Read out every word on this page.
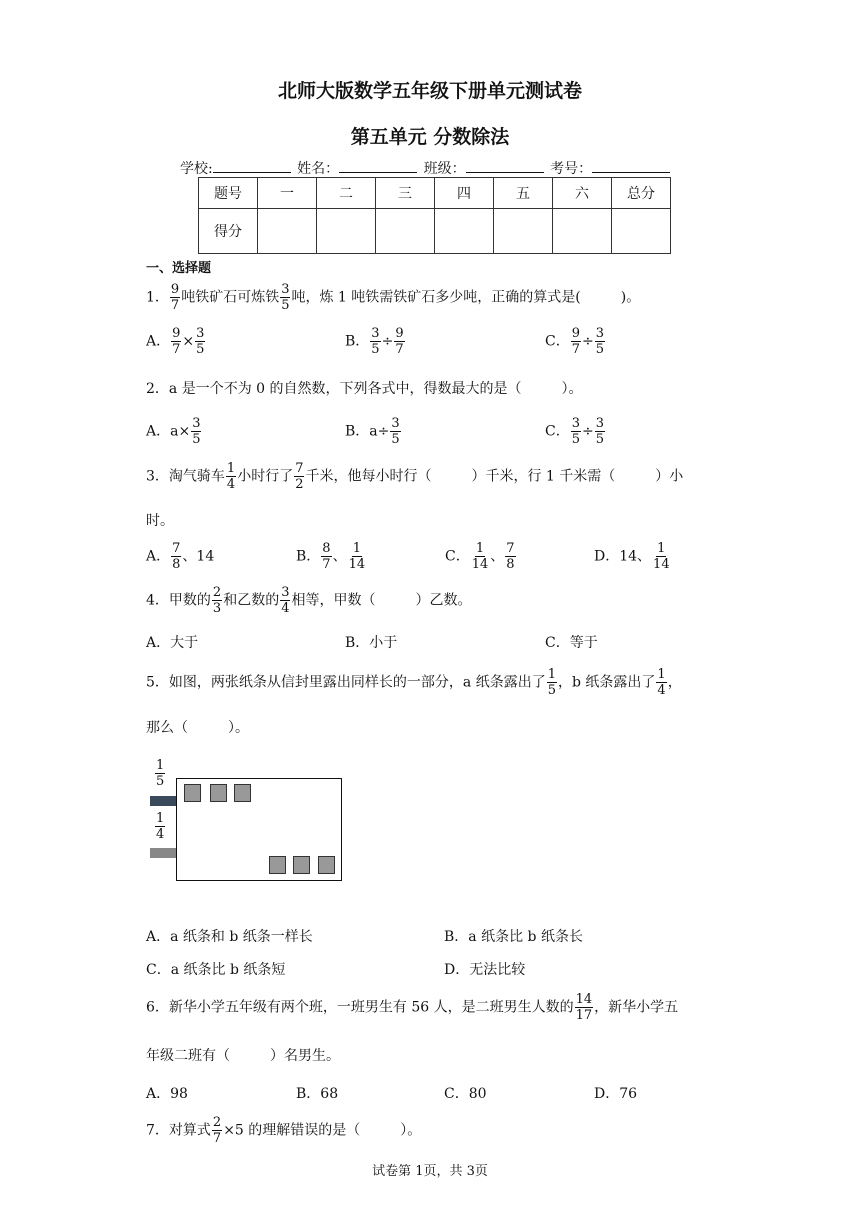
北师大版数学五年级下册单元测试卷
第五单元 分数除法
学校:	姓名：	班级：	考号：
题号	一	二	三	四	五	六	总分
得分							
一、选择题
1． $\frac{9}{7}$ 吨铁矿石可炼铁 $\frac{3}{5}$ 吨，炼 1 吨铁需铁矿石多少吨，正确的算式是(	)。
A． $\frac{9}{7} \times \frac{3}{5}$	B． $\frac{3}{5} \div \frac{9}{7}$	C． $\frac{9}{7} \div \frac{3}{5}$
2．a 是一个不为 0 的自然数，下列各式中，得数最大的是（	）。
A．$a\times \frac{3}{5}$	B．$a\div \frac{3}{5}$	C． $\frac{3}{5} \div \frac{3}{5}$
3．淘气骑车 $\frac{1}{4}$ 小时行了 $\frac{7}{2}$ 千米，他每小时行（	）千米，行 1 千米需（	）小
时。
A． $\frac{7}{8}$ 、14	B． $\frac{8}{7}$ 、 $\frac{1}{14}$	C． $\frac{1}{14}$ 、 $\frac{7}{8}$	D．14、 $\frac{1}{14}$
4．甲数的 $\frac{2}{3}$ 和乙数的 $\frac{3}{4}$ 相等，甲数（	）乙数。
A．大于	B．小于	C．等于
5．如图，两张纸条从信封里露出同样长的一部分，a 纸条露出了 $\frac{1}{5}$ ，b 纸条露出了 $\frac{1}{4}$ ，
那么（	）。
$\frac{1}{5}$
$\frac{1}{4}$
A．a 纸条和 b 纸条一样长	B．a 纸条比 b 纸条长
C．a 纸条比 b 纸条短	D．无法比较
6．新华小学五年级有两个班，一班男生有 56 人，是二班男生人数的 $\frac{14}{17}$ ，新华小学五
年级二班有（	）名男生。
A．98	B．68	C．80	D．76
7．对算式 $\frac{2}{7} \times 5$ 的理解错误的是（	）。
试卷第 1页，共 3页
